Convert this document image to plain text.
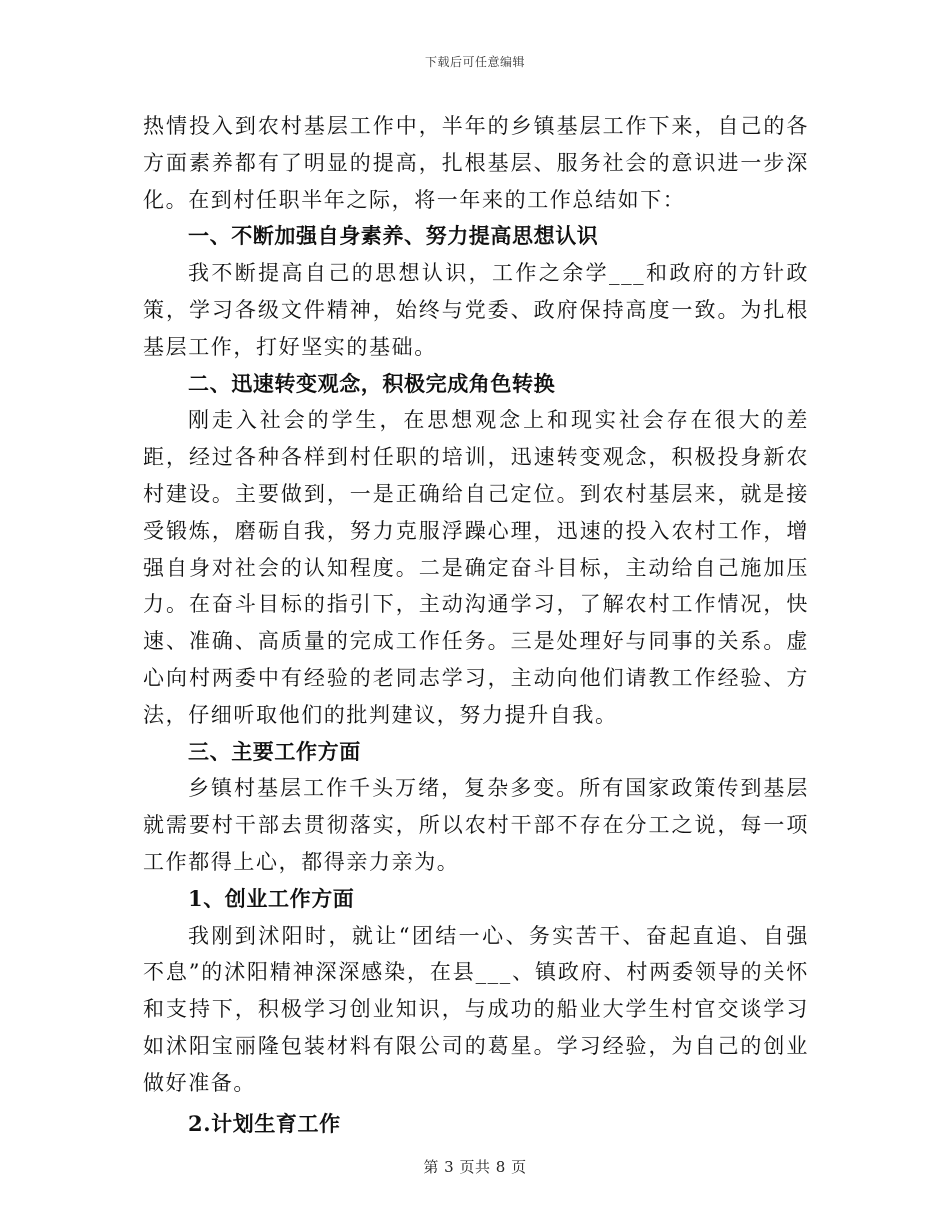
下载后可任意编辑

热情投入到农村基层工作中，半年的乡镇基层工作下来，自己的各方面素养都有了明显的提高，扎根基层、服务社会的意识进一步深化。在到村任职半年之际，将一年来的工作总结如下：

一、不断加强自身素养、努力提高思想认识

我不断提高自己的思想认识，工作之余学___和政府的方针政策，学习各级文件精神，始终与党委、政府保持高度一致。为扎根基层工作，打好坚实的基础。

二、迅速转变观念，积极完成角色转换

刚走入社会的学生，在思想观念上和现实社会存在很大的差距，经过各种各样到村任职的培训，迅速转变观念，积极投身新农村建设。主要做到，一是正确给自己定位。到农村基层来，就是接受锻炼，磨砺自我，努力克服浮躁心理，迅速的投入农村工作，增强自身对社会的认知程度。二是确定奋斗目标，主动给自己施加压力。在奋斗目标的指引下，主动沟通学习，了解农村工作情况，快速、准确、高质量的完成工作任务。三是处理好与同事的关系。虚心向村两委中有经验的老同志学习，主动向他们请教工作经验、方法，仔细听取他们的批判建议，努力提升自我。

三、主要工作方面

乡镇村基层工作千头万绪，复杂多变。所有国家政策传到基层就需要村干部去贯彻落实，所以农村干部不存在分工之说，每一项工作都得上心，都得亲力亲为。

1、创业工作方面

我刚到沭阳时，就让“团结一心、务实苦干、奋起直追、自强不息”的沭阳精神深深感染，在县___、镇政府、村两委领导的关怀和支持下，积极学习创业知识，与成功的船业大学生村官交谈学习如沭阳宝丽隆包装材料有限公司的葛星。学习经验，为自己的创业做好准备。

2.计划生育工作

第 3 页共 8 页
